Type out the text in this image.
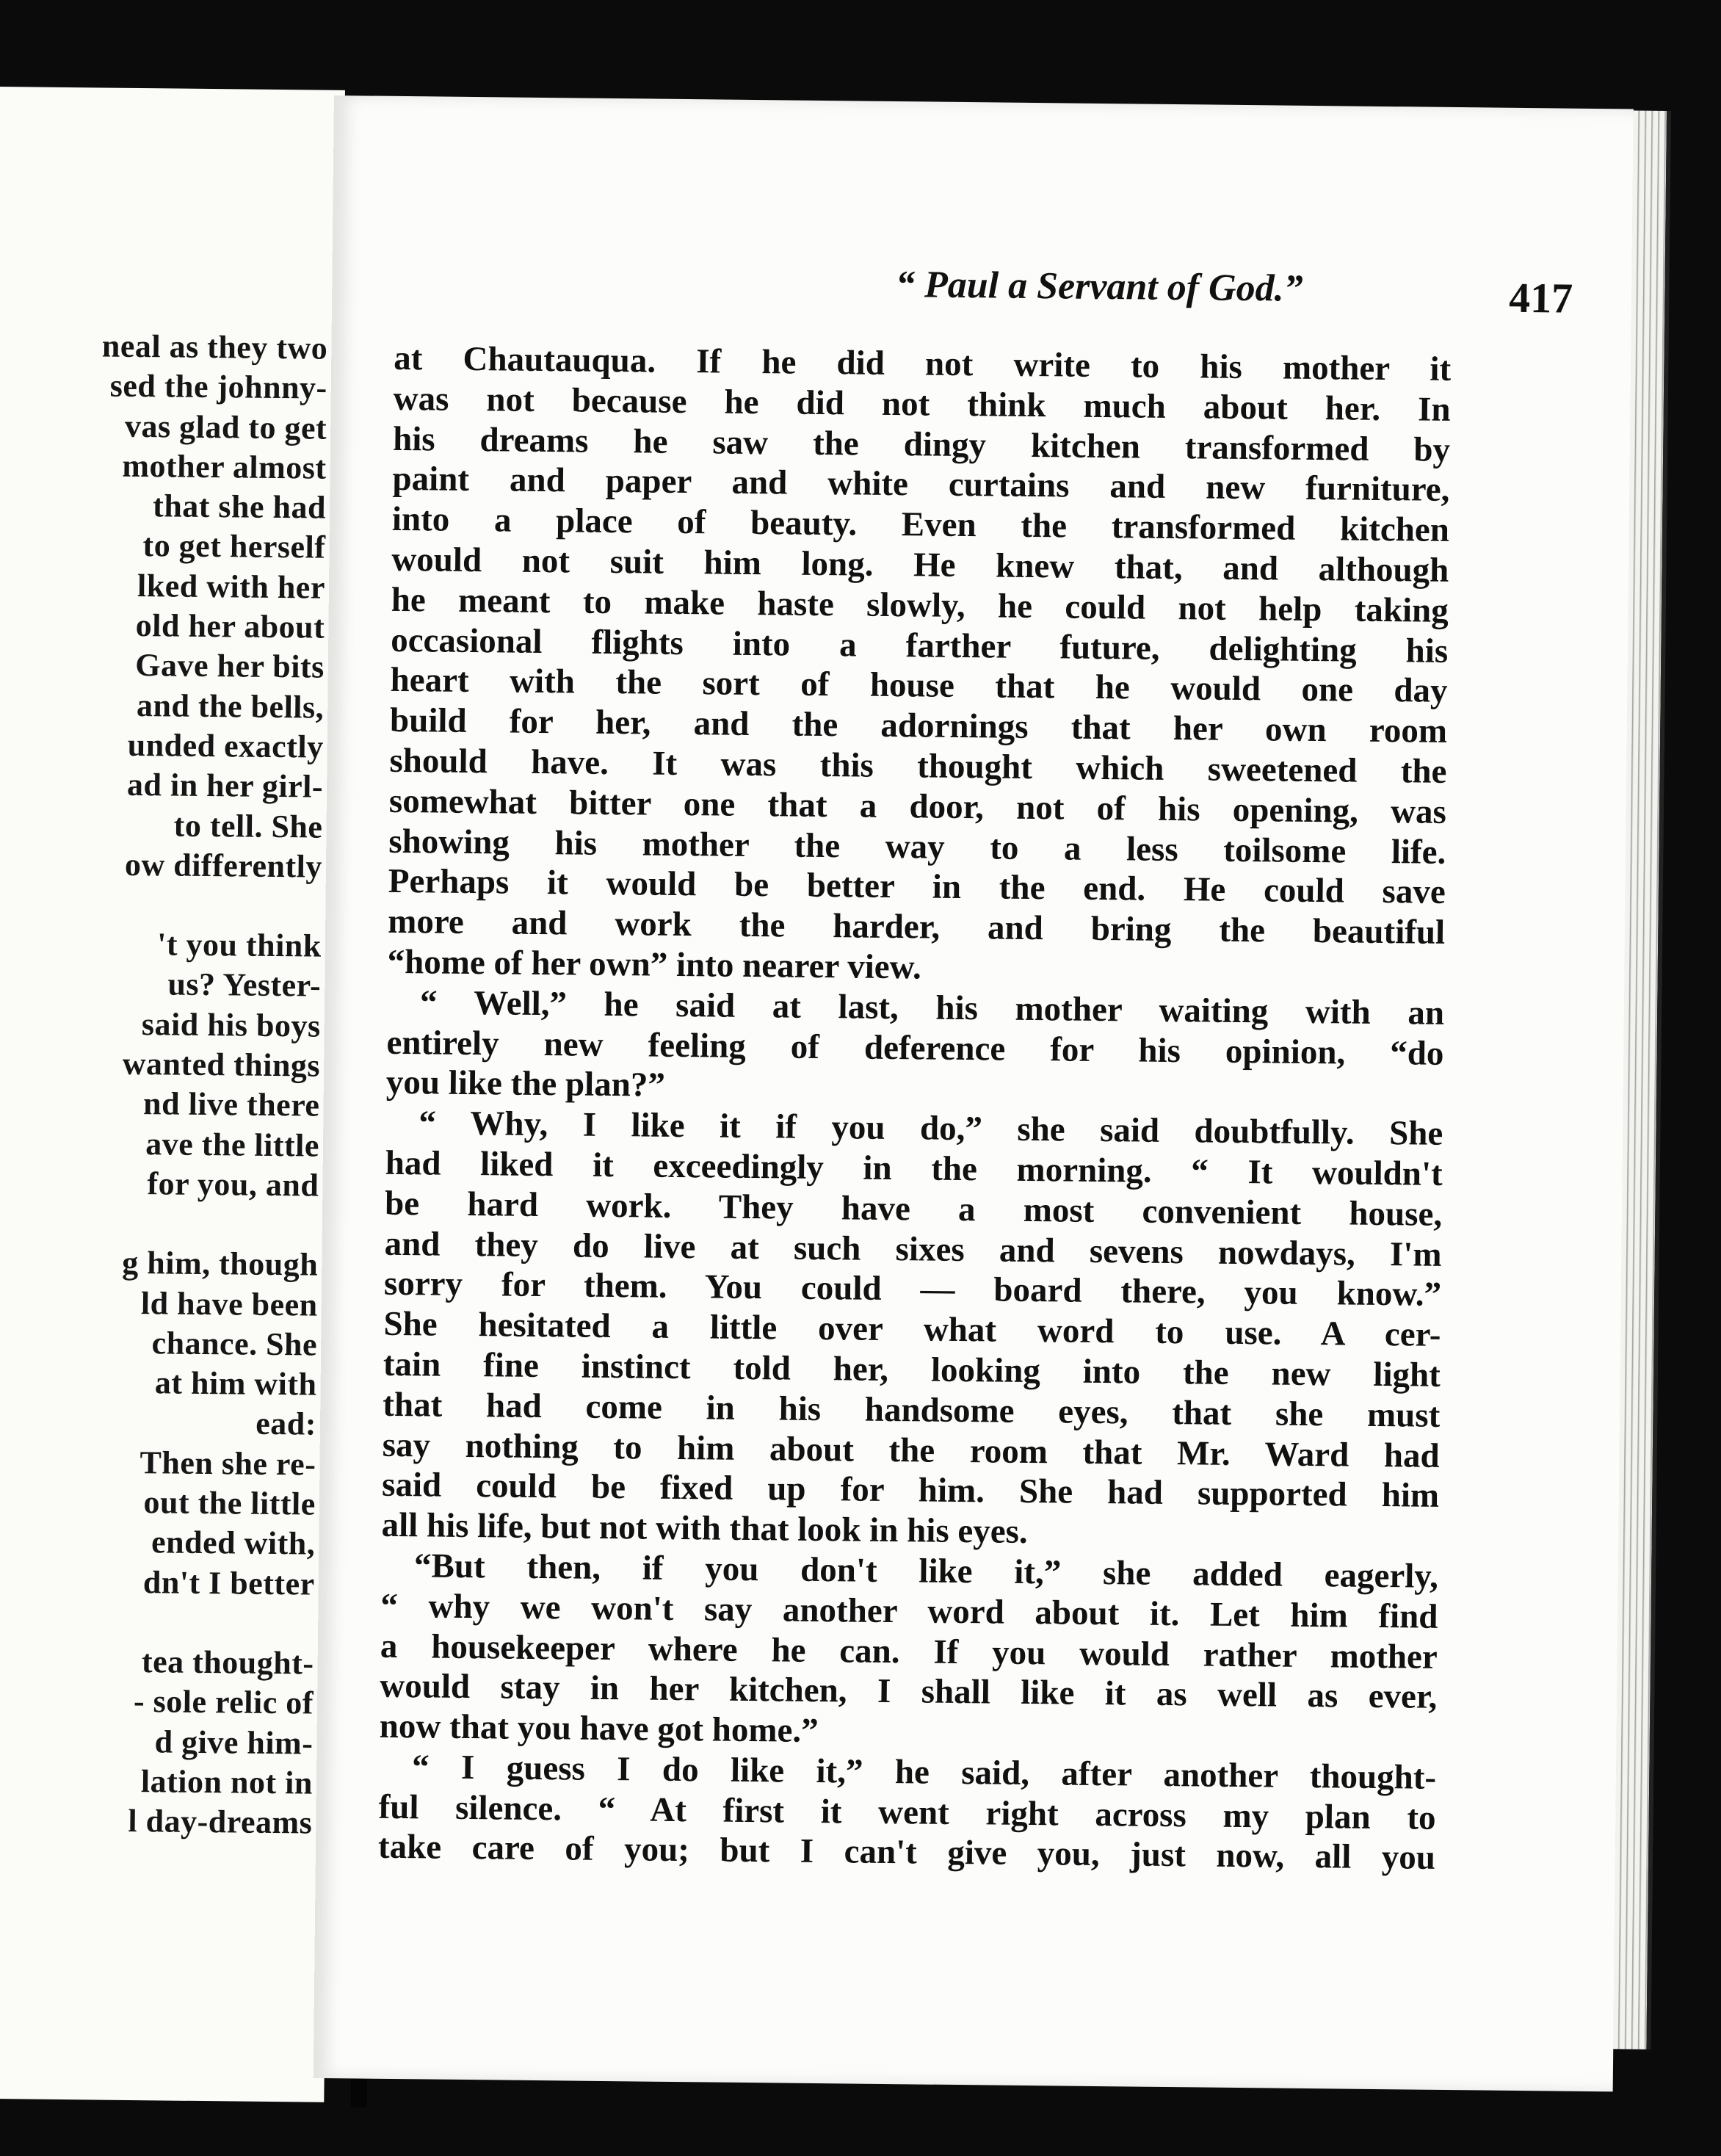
neal as they two
sed the johnny-
vas glad to get
mother almost
that she had
to get herself
lked with her
old her about
Gave her bits
and the bells,
unded exactly
ad in her girl-
to tell. She
ow differently
't you think
us? Yester-
said his boys
wanted things
nd live there
ave the little
for you, and
g him, though
ld have been
chance. She
at him with
ead:
Then she re-
out the little
ended with,
dn't I better
tea thought-
- sole relic of
d give him-
lation not in
l day-dreams
“ Paul a Servant of God.”	417
at Chautauqua. If he did not write to his mother it
was not because he did not think much about her. In
his dreams he saw the dingy kitchen transformed by
paint and paper and white curtains and new furniture,
into a place of beauty. Even the transformed kitchen
would not suit him long. He knew that, and although
he meant to make haste slowly, he could not help taking
occasional flights into a farther future, delighting his
heart with the sort of house that he would one day
build for her, and the adornings that her own room
should have. It was this thought which sweetened the
somewhat bitter one that a door, not of his opening, was
showing his mother the way to a less toilsome life.
Perhaps it would be better in the end. He could save
more and work the harder, and bring the beautiful
“home of her own” into nearer view.
“ Well,” he said at last, his mother waiting with an
entirely new feeling of deference for his opinion, “do
you like the plan?”
“ Why, I like it if you do,” she said doubtfully. She
had liked it exceedingly in the morning. “ It wouldn't
be hard work. They have a most convenient house,
and they do live at such sixes and sevens nowdays, I'm
sorry for them. You could — board there, you know.”
She hesitated a little over what word to use. A cer-
tain fine instinct told her, looking into the new light
that had come in his handsome eyes, that she must
say nothing to him about the room that Mr. Ward had
said could be fixed up for him. She had supported him
all his life, but not with that look in his eyes.
“But then, if you don't like it,” she added eagerly,
“ why we won't say another word about it. Let him find
a housekeeper where he can. If you would rather mother
would stay in her kitchen, I shall like it as well as ever,
now that you have got home.”
“ I guess I do like it,” he said, after another thought-
ful silence. “ At first it went right across my plan to
take care of you; but I can't give you, just now, all you
